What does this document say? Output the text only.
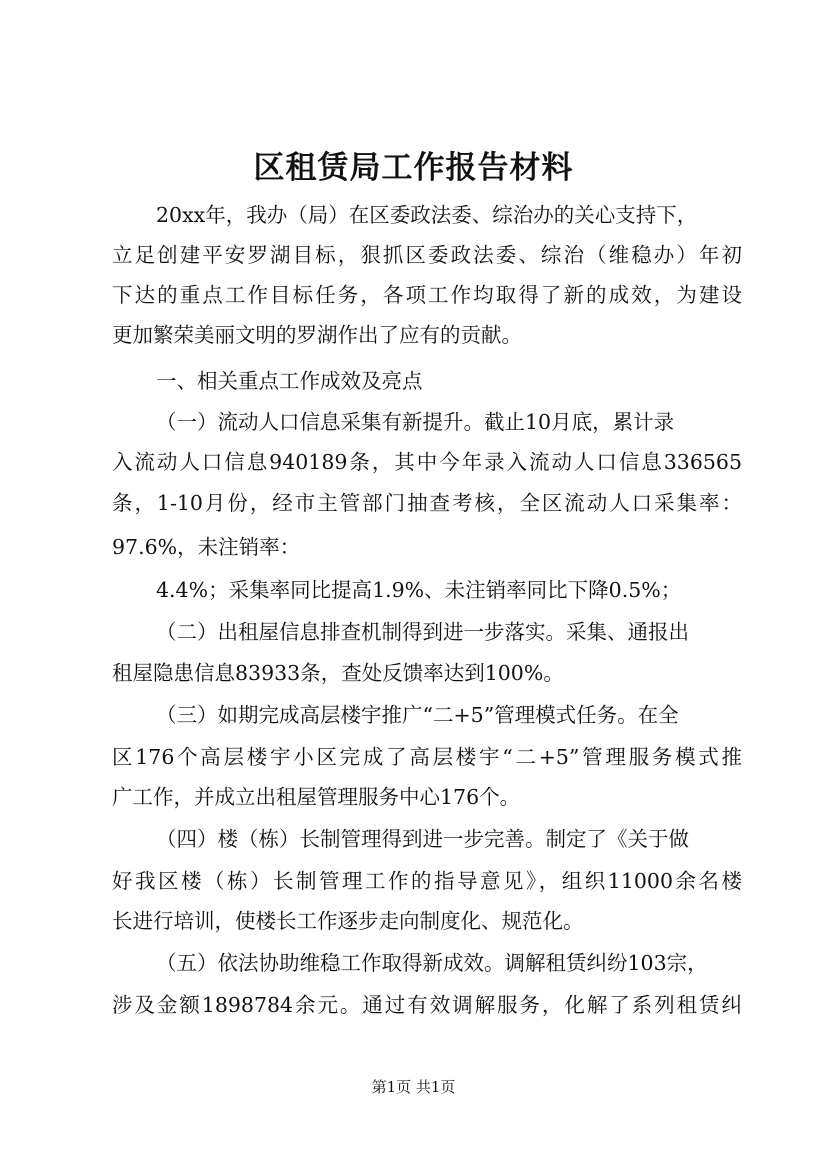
区租赁局工作报告材料
20xx年，我办（局）在区委政法委、综治办的关心支持下，
立足创建平安罗湖目标，狠抓区委政法委、综治（维稳办）年初
下达的重点工作目标任务，各项工作均取得了新的成效，为建设
更加繁荣美丽文明的罗湖作出了应有的贡献。
一、相关重点工作成效及亮点
（一）流动人口信息采集有新提升。截止10月底，累计录
入流动人口信息940189条，其中今年录入流动人口信息336565
条，1-10月份，经市主管部门抽查考核，全区流动人口采集率：
97.6%，未注销率：
4.4%；采集率同比提高1.9%、未注销率同比下降0.5%；
（二）出租屋信息排查机制得到进一步落实。采集、通报出
租屋隐患信息83933条，查处反馈率达到100%。
（三）如期完成高层楼宇推广“二+5”管理模式任务。在全
区176个高层楼宇小区完成了高层楼宇“二+5”管理服务模式推
广工作，并成立出租屋管理服务中心176个。
（四）楼（栋）长制管理得到进一步完善。制定了《关于做
好我区楼（栋）长制管理工作的指导意见》，组织11000余名楼
长进行培训，使楼长工作逐步走向制度化、规范化。
（五）依法协助维稳工作取得新成效。调解租赁纠纷103宗，
涉及金额1898784余元。通过有效调解服务，化解了系列租赁纠
第1页 共1页
